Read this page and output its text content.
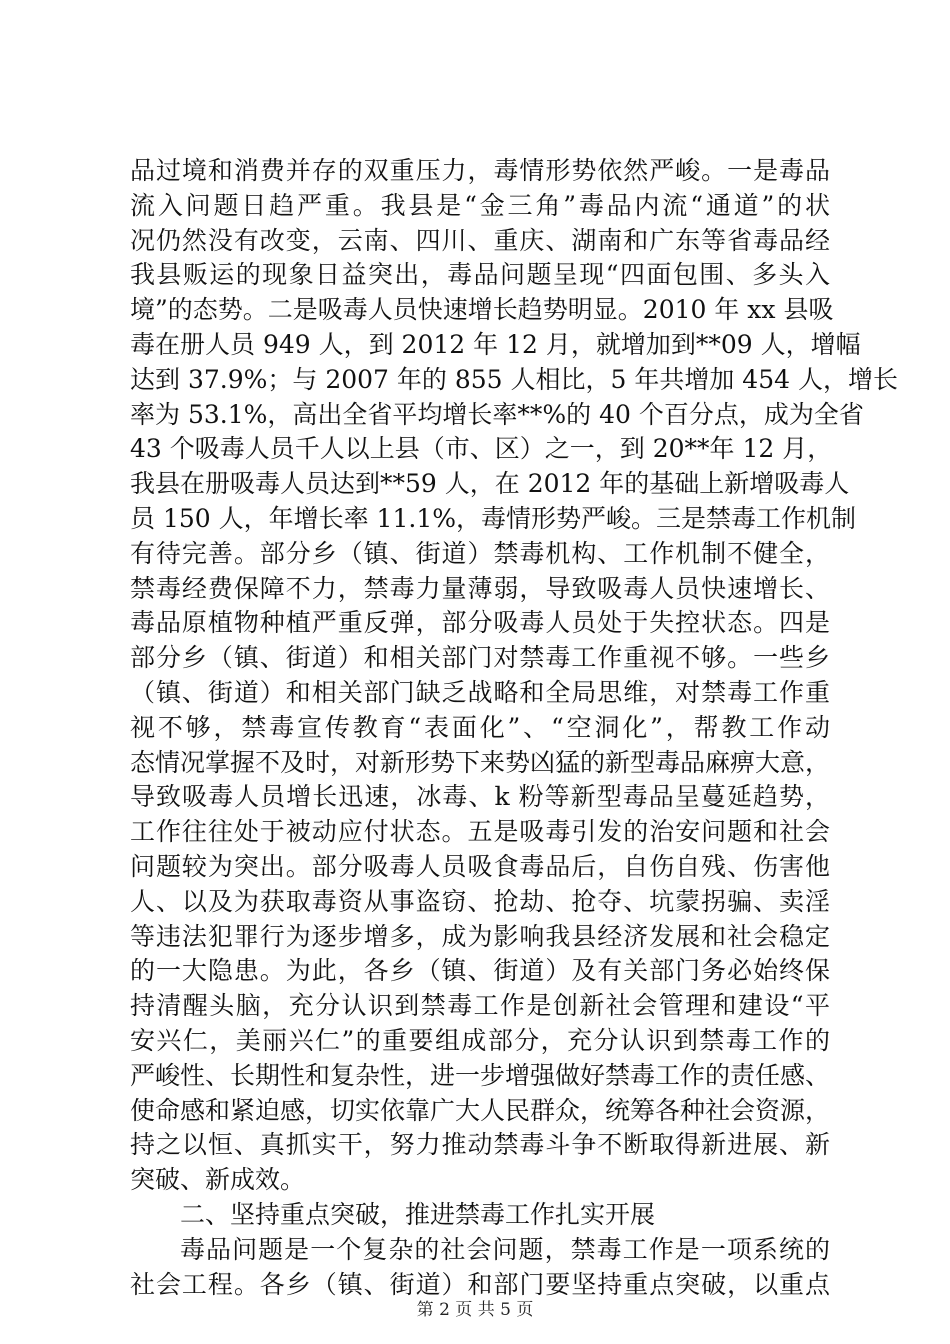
品过境和消费并存的双重压力，毒情形势依然严峻。一是毒品
流入问题日趋严重。我县是“金三角”毒品内流“通道”的状
况仍然没有改变，云南、四川、重庆、湖南和广东等省毒品经
我县贩运的现象日益突出，毒品问题呈现“四面包围、多头入
境”的态势。二是吸毒人员快速增长趋势明显。2010 年 xx 县吸
毒在册人员 949 人，到 2012 年 12 月，就增加到**09 人，增幅
达到 37.9%；与 2007 年的 855 人相比，5 年共增加 454 人，增长
率为 53.1%，高出全省平均增长率**%的 40 个百分点，成为全省
43 个吸毒人员千人以上县（市、区）之一，到 20**年 12 月，
我县在册吸毒人员达到**59 人，在 2012 年的基础上新增吸毒人
员 150 人，年增长率 11.1%，毒情形势严峻。三是禁毒工作机制
有待完善。部分乡（镇、街道）禁毒机构、工作机制不健全，
禁毒经费保障不力，禁毒力量薄弱，导致吸毒人员快速增长、
毒品原植物种植严重反弹，部分吸毒人员处于失控状态。四是
部分乡（镇、街道）和相关部门对禁毒工作重视不够。一些乡
（镇、街道）和相关部门缺乏战略和全局思维，对禁毒工作重
视不够，禁毒宣传教育“表面化”、“空洞化”，帮教工作动
态情况掌握不及时，对新形势下来势凶猛的新型毒品麻痹大意，
导致吸毒人员增长迅速，冰毒、k 粉等新型毒品呈蔓延趋势，
工作往往处于被动应付状态。五是吸毒引发的治安问题和社会
问题较为突出。部分吸毒人员吸食毒品后，自伤自残、伤害他
人、以及为获取毒资从事盗窃、抢劫、抢夺、坑蒙拐骗、卖淫
等违法犯罪行为逐步增多，成为影响我县经济发展和社会稳定
的一大隐患。为此，各乡（镇、街道）及有关部门务必始终保
持清醒头脑，充分认识到禁毒工作是创新社会管理和建设“平
安兴仁，美丽兴仁”的重要组成部分，充分认识到禁毒工作的
严峻性、长期性和复杂性，进一步增强做好禁毒工作的责任感、
使命感和紧迫感，切实依靠广大人民群众，统筹各种社会资源，
持之以恒、真抓实干，努力推动禁毒斗争不断取得新进展、新
突破、新成效。
二、坚持重点突破，推进禁毒工作扎实开展
毒品问题是一个复杂的社会问题，禁毒工作是一项系统的
社会工程。各乡（镇、街道）和部门要坚持重点突破，以重点
第 2 页 共 5 页
